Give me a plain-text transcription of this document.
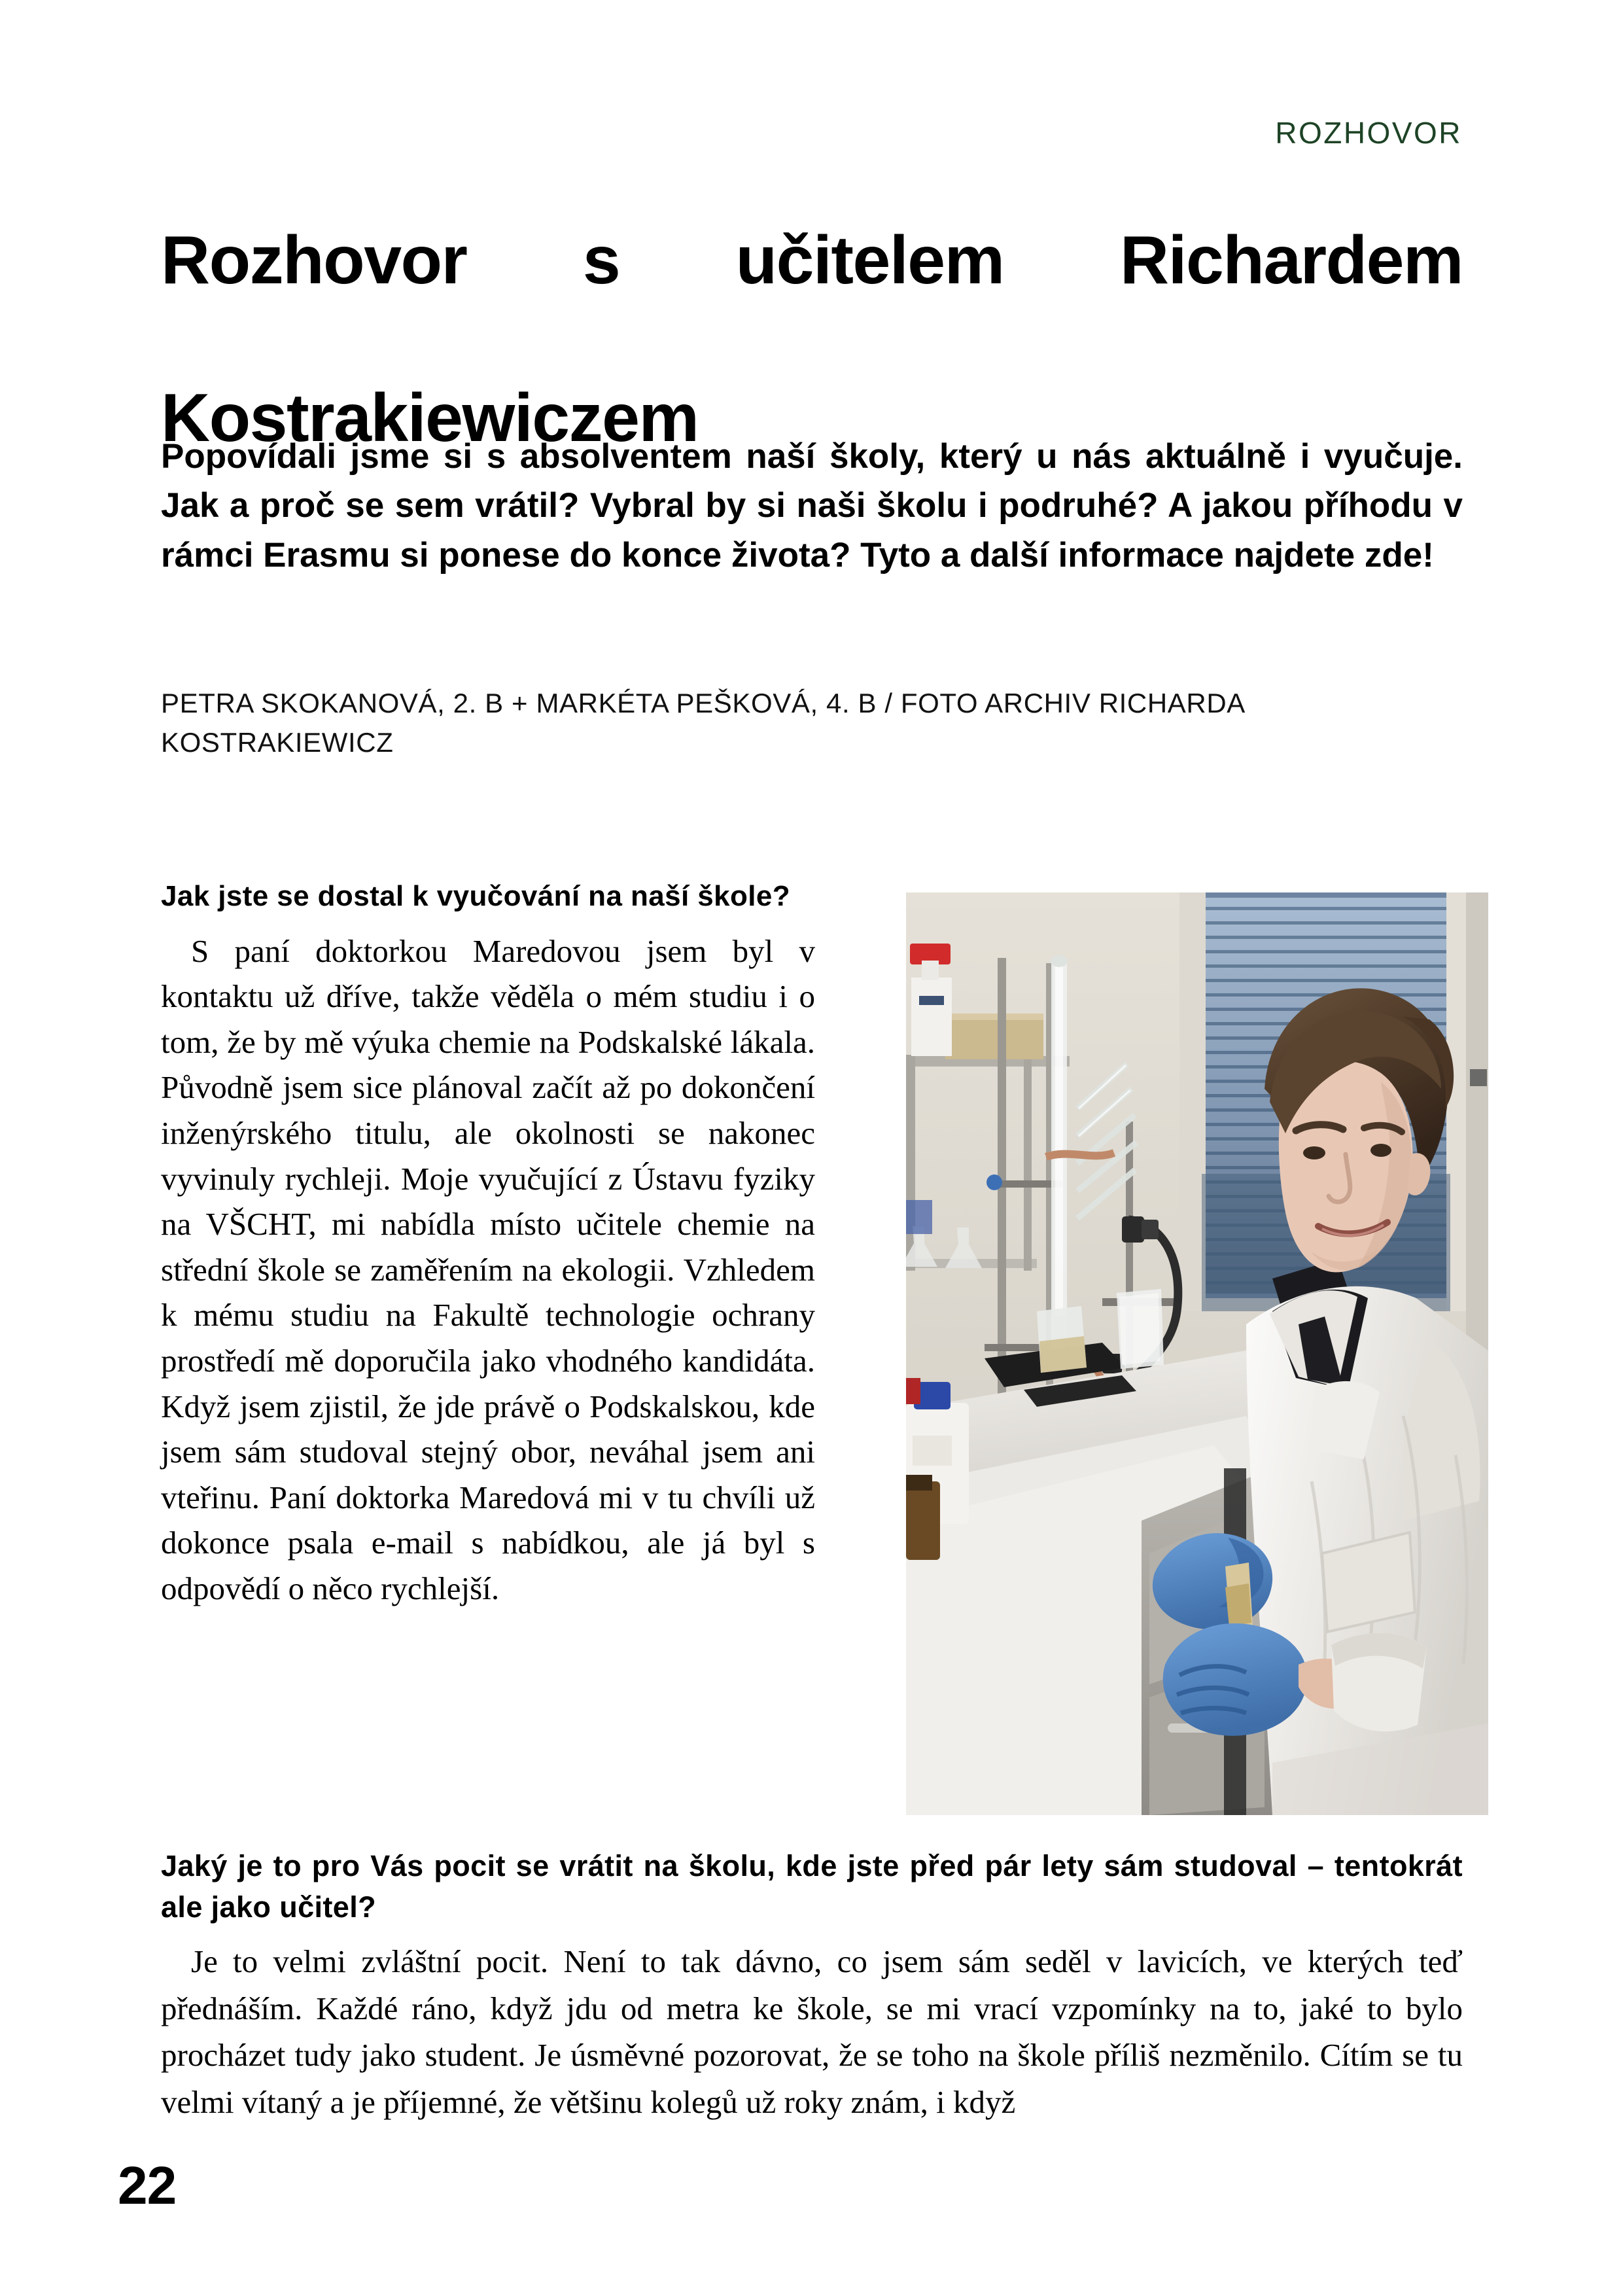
ROZHOVOR
Rozhovor s učitelem Richardem
Kostrakiewiczem
Popovídali jsme si s absolventem naší školy, který u nás aktuálně i vyučuje. Jak a proč se sem vrátil? Vybral by si naši školu i podruhé? A jakou příhodu v rámci Erasmu si ponese do konce života? Tyto a další informace najdete zde!
PETRA SKOKANOVÁ, 2. B + MARKÉTA PEŠKOVÁ, 4. B / FOTO ARCHIV RICHARDA KOSTRAKIEWICZ

Jak jste se dostal k vyučování na naší škole?

S paní doktorkou Maredovou jsem byl v kontaktu už dříve, takže věděla o mém studiu i o tom, že by mě výuka chemie na Podskalské lákala. Původně jsem sice plánoval začít až po dokončení inženýrského titulu, ale okolnosti se nakonec vyvinuly rychleji. Moje vyučující z Ústavu fyziky na VŠCHT, mi nabídla místo učitele chemie na střední škole se zaměřením na ekologii. Vzhledem k mému studiu na Fakultě technologie ochrany prostředí mě doporučila jako vhodného kandidáta. Když jsem zjistil, že jde právě o Podskalskou, kde jsem sám studoval stejný obor, neváhal jsem ani vteřinu. Paní doktorka Maredová mi v tu chvíli už dokonce psala e-mail s nabídkou, ale já byl s odpovědí o něco rychlejší.

Jaký je to pro Vás pocit se vrátit na školu, kde jste před pár lety sám studoval – tentokrát ale jako učitel?

Je to velmi zvláštní pocit. Není to tak dávno, co jsem sám seděl v lavicích, ve kterých teď přednáším. Každé ráno, když jdu od metra ke škole, se mi vrací vzpomínky na to, jaké to bylo procházet tudy jako student. Je úsměvné pozorovat, že se toho na škole příliš nezměnilo. Cítím se tu velmi vítaný a je příjemné, že většinu kolegů už roky znám, i když

22
